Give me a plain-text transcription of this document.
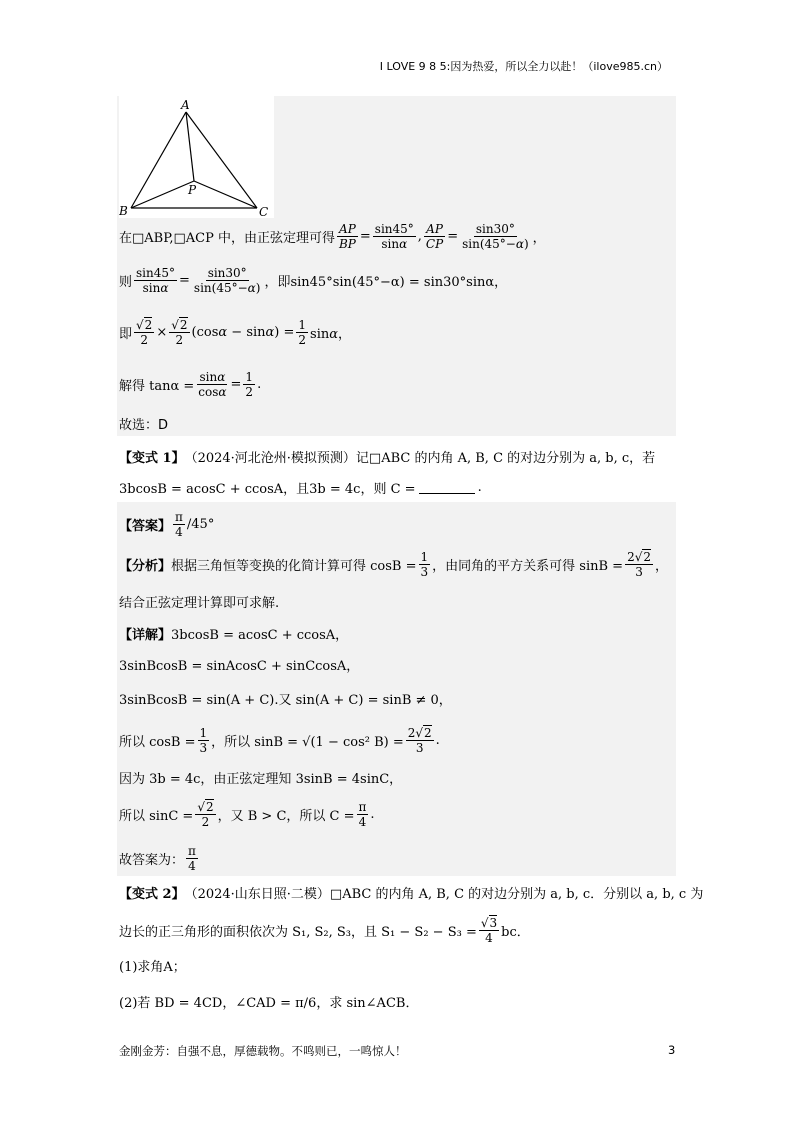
I LOVE 9 8 5:因为热爱，所以全力以赴！（ilove985.cn）
A
B	C
P
在□ABP,□ACP 中，由正弦定理可得 $\frac{AP}{BP} = \frac{\sin 45^\circ}{\sin\alpha}$ , $\frac{AP}{CP} = \frac{\sin 30^\circ}{\sin(45^\circ-\alpha)}$ ，
则 $\frac{\sin 45^\circ}{\sin\alpha} = \frac{\sin 30^\circ}{\sin(45^\circ-\alpha)}$ ，即sin45°sin(45°−α) = sin30°sinα，
即 $\frac{√2}{2} \times \frac{√2}{2} (\cos\alpha - \sin\alpha) = \frac{1}{2}$ sinα，
解得 $\tan\alpha = \frac{\sin\alpha}{\cos\alpha} = \frac{1}{2}$ .
故选：D
【变式 1】 （2024·河北沧州·模拟预测）记□ABC 的内角 A, B, C 的对边分别为 a, b, c，若
3bcosB = acosC + ccosA，且3b = 4c，则 C =	.
【答案】
π
4 /45°
【分析】 根据三角恒等变换的化简计算可得 $\cos B = \frac{1}{3}$ ，由同角的平方关系可得 $\sin B = \frac{2√2}{3}$ ，
结合正弦定理计算即可求解.
【详解】 3bcosB = acosC + ccosA，
3sinBcosB = sinAcosC + sinCcosA，
3sinBcosB = sin(A + C).又 sin(A + C) = sinB ≠ 0，
所以 $\cos B = \frac{1}{3}$ ，所以 sinB = √(1 − cos² $B) = \frac{2√2}{3}$ .
因为 3b = 4c，由正弦定理知 3sinB = 4sinC，
所以 $\sin C = \frac{√2}{2}$ ，又 B > C，所以 $C = \frac{\pi}{4}$ .
故答案为：
π
4
【变式 2】 （2024·山东日照·二模）□ABC 的内角 A, B, C 的对边分别为 a, b, c．分别以 a, b, c 为
边长的正三角形的面积依次为 S₁, S₂, S₃，且 $S_1 - S_2 - S_3 = \frac{√3}{4}$ bc．
(1)求角A；
(2)若 BD = 4CD，∠CAD = π/6，求 sin∠ACB．
金刚金芳：自强不息，厚德载物。不鸣则已，一鸣惊人！	3
